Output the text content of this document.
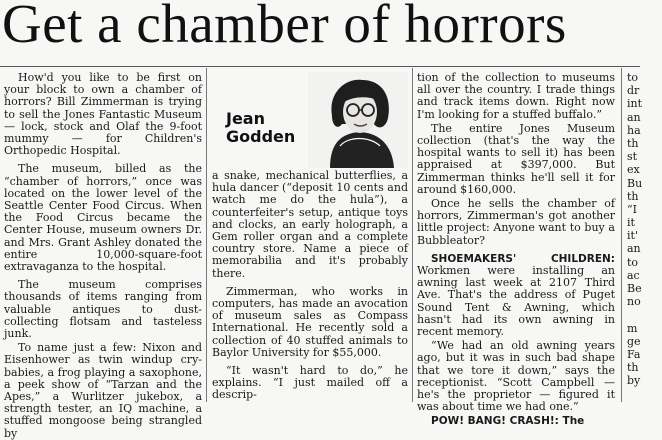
Get a chamber of horrors

How'd you like to be first on your block to own a chamber of horrors? Bill Zimmerman is trying to sell the Jones Fantastic Museum — lock, stock and Olaf the 9-foot mummy — for Children's Orthopedic Hospital.

The museum, billed as the “chamber of horrors,” once was located on the lower level of the Seattle Center Food Circus. When the Food Circus became the Center House, museum owners Dr. and Mrs. Grant Ashley donated the entire 10,000-square-foot extravaganza to the hospital.

The museum comprises thousands of items ranging from valuable antiques to dust-collecting flotsam and tasteless junk.

To name just a few: Nixon and Eisenhower as twin windup cry-babies, a frog playing a saxophone, a peek show of “Tarzan and the Apes,” a Wurlitzer jukebox, a strength tester, an IQ machine, a stuffed mongoose being strangled by

Jean
Godden

a snake, mechanical butterflies, a hula dancer (“deposit 10 cents and watch me do the hula”), a counterfeiter's setup, antique toys and clocks, an early holograph, a Gem roller organ and a complete country store. Name a piece of memorabilia and it's probably there.

Zimmerman, who works in computers, has made an avocation of museum sales as Compass International. He recently sold a collection of 40 stuffed animals to Baylor University for $55,000.

“It wasn't hard to do,” he explains. “I just mailed off a descrip-

tion of the collection to museums all over the country. I trade things and track items down. Right now I'm looking for a stuffed buffalo.”

The entire Jones Museum collection (that's the way the hospital wants to sell it) has been appraised at $397,000. But Zimmerman thinks he'll sell it for around $160,000.

Once he sells the chamber of horrors, Zimmerman's got another little project: Anyone want to buy a Bubbleator?

SHOEMAKERS' CHILDREN: Workmen were installing an awning last week at 2107 Third Ave. That's the address of Puget Sound Tent & Awning, which hasn't had its own awning in recent memory.

“We had an old awning years ago, but it was in such bad shape that we tore it down,” says the receptionist. “Scott Campbell — he's the proprietor — figured it was about time we had one.”

POW! BANG! CRASH!: The

to
dr
int
an
ha
th
st
ex
Bu
th
“I
it
it'
an
to
ac
Be
no
m
ge
Fa
th
by
